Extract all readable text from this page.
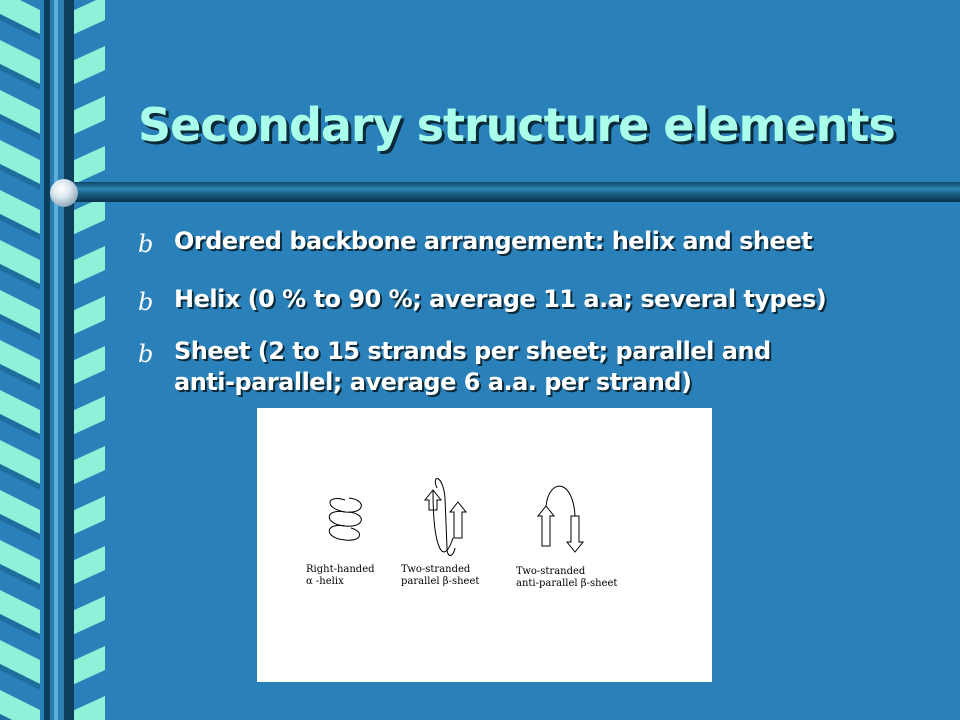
Secondary structure elements
b Ordered backbone arrangement: helix and sheet
b Helix (0 % to 90 %; average 11 a.a; several types)
b Sheet (2 to 15 strands per sheet; parallel and anti-parallel; average 6 a.a. per strand)
Right-handed
α -helix
Two-stranded
parallel β-sheet
Two-stranded
anti-parallel β-sheet
